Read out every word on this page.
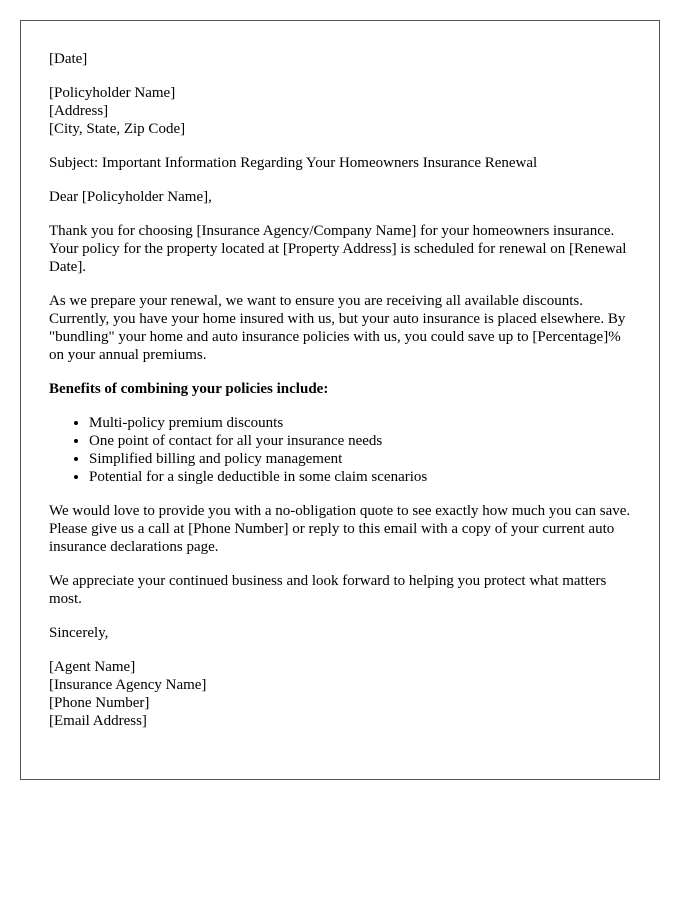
[Date]

[Policyholder Name]
[Address]
[City, State, Zip Code]

Subject: Important Information Regarding Your Homeowners Insurance Renewal

Dear [Policyholder Name],

Thank you for choosing [Insurance Agency/Company Name] for your homeowners insurance. Your policy for the property located at [Property Address] is scheduled for renewal on [Renewal Date].

As we prepare your renewal, we want to ensure you are receiving all available discounts. Currently, you have your home insured with us, but your auto insurance is placed elsewhere. By "bundling" your home and auto insurance policies with us, you could save up to [Percentage]% on your annual premiums.

Benefits of combining your policies include:

• Multi-policy premium discounts
• One point of contact for all your insurance needs
• Simplified billing and policy management
• Potential for a single deductible in some claim scenarios

We would love to provide you with a no-obligation quote to see exactly how much you can save. Please give us a call at [Phone Number] or reply to this email with a copy of your current auto insurance declarations page.

We appreciate your continued business and look forward to helping you protect what matters most.

Sincerely,

[Agent Name]
[Insurance Agency Name]
[Phone Number]
[Email Address]
